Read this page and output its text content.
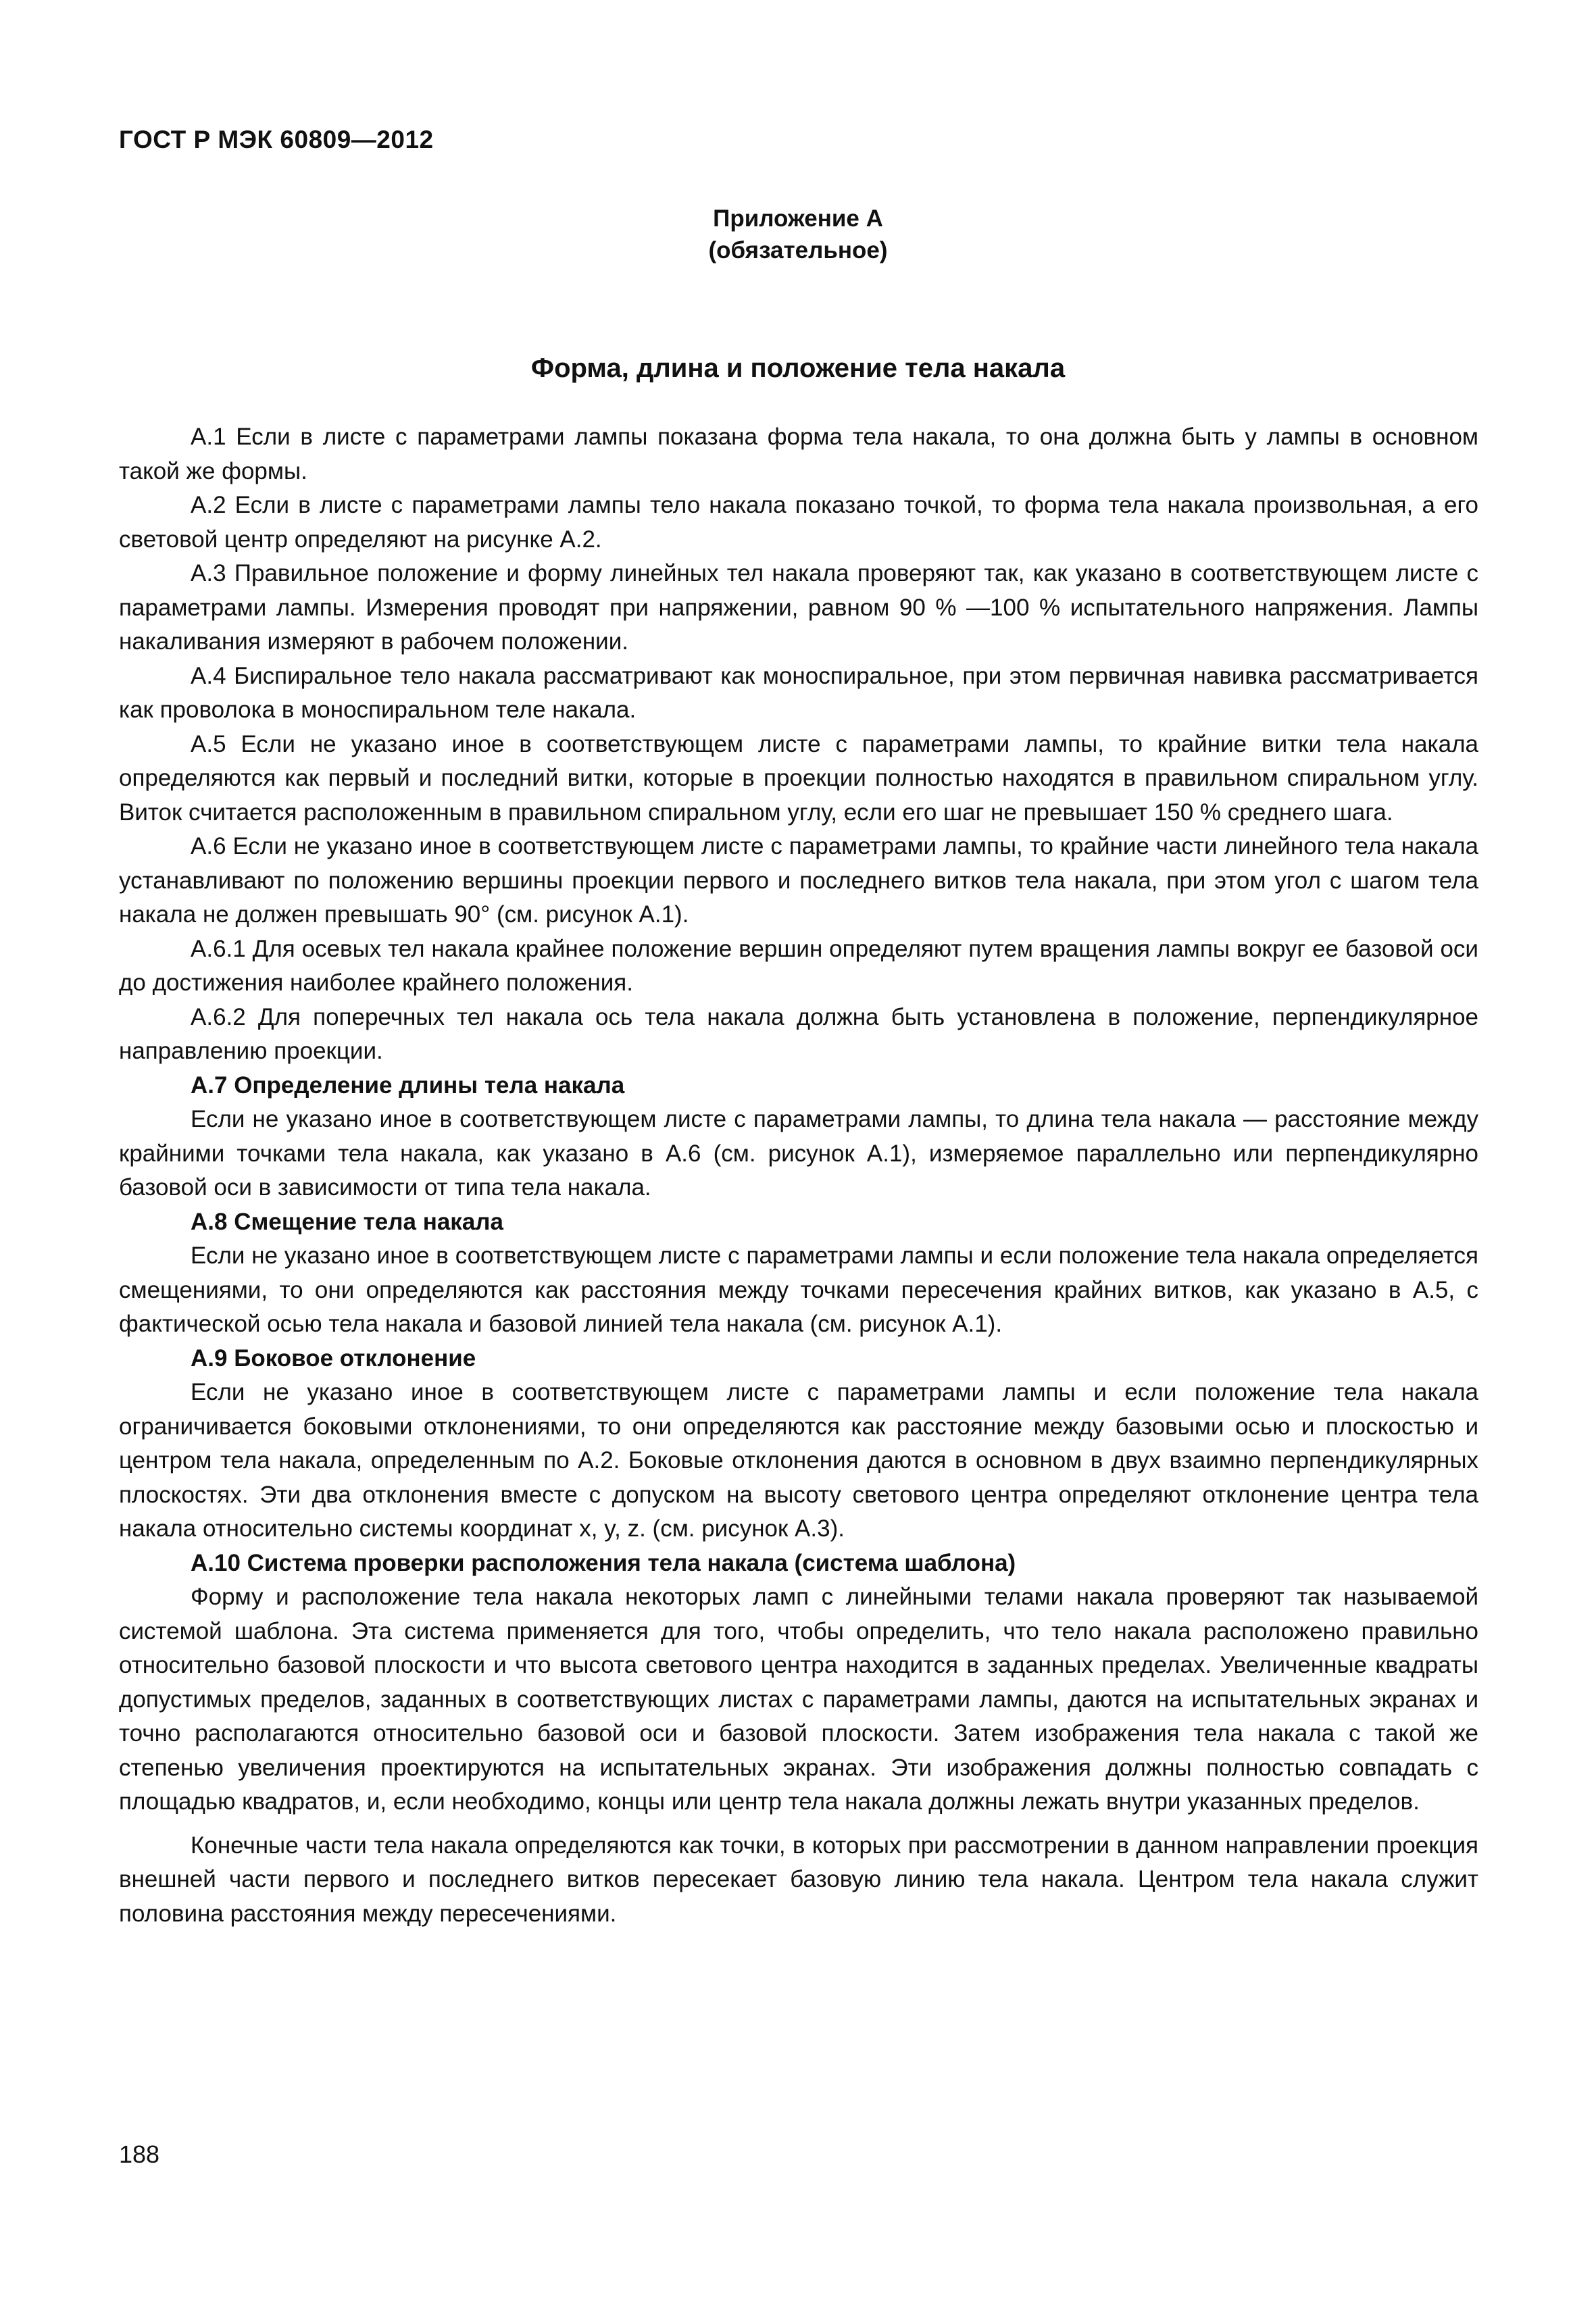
ГОСТ Р МЭК 60809—2012
Приложение А
(обязательное)
Форма, длина и положение тела накала

А.1 Если в листе с параметрами лампы показана форма тела накала, то она должна быть у лампы в основном такой же формы.

А.2 Если в листе с параметрами лампы тело накала показано точкой, то форма тела накала произвольная, а его световой центр определяют на рисунке А.2.

А.3 Правильное положение и форму линейных тел накала проверяют так, как указано в соответствующем листе с параметрами лампы. Измерения проводят при напряжении, равном 90 % —100 % испытательного напряжения. Лампы накаливания измеряют в рабочем положении.

А.4 Биспиральное тело накала рассматривают как моноспиральное, при этом первичная навивка рассматривается как проволока в моноспиральном теле накала.

А.5 Если не указано иное в соответствующем листе с параметрами лампы, то крайние витки тела накала определяются как первый и последний витки, которые в проекции полностью находятся в правильном спиральном углу. Виток считается расположенным в правильном спиральном углу, если его шаг не превышает 150 % среднего шага.

А.6 Если не указано иное в соответствующем листе с параметрами лампы, то крайние части линейного тела накала устанавливают по положению вершины проекции первого и последнего витков тела накала, при этом угол с шагом тела накала не должен превышать 90° (см. рисунок А.1).

А.6.1 Для осевых тел накала крайнее положение вершин определяют путем вращения лампы вокруг ее базовой оси до достижения наиболее крайнего положения.

А.6.2 Для поперечных тел накала ось тела накала должна быть установлена в положение, перпендикулярное направлению проекции.

А.7 Определение длины тела накала

Если не указано иное в соответствующем листе с параметрами лампы, то длина тела накала — расстояние между крайними точками тела накала, как указано в А.6 (см. рисунок А.1), измеряемое параллельно или перпендикулярно базовой оси в зависимости от типа тела накала.

А.8 Смещение тела накала

Если не указано иное в соответствующем листе с параметрами лампы и если положение тела накала определяется смещениями, то они определяются как расстояния между точками пересечения крайних витков, как указано в А.5, с фактической осью тела накала и базовой линией тела накала (см. рисунок А.1).

А.9 Боковое отклонение

Если не указано иное в соответствующем листе с параметрами лампы и если положение тела накала ограничивается боковыми отклонениями, то они определяются как расстояние между базовыми осью и плоскостью и центром тела накала, определенным по А.2. Боковые отклонения даются в основном в двух взаимно перпендикулярных плоскостях. Эти два отклонения вместе с допуском на высоту светового центра определяют отклонение центра тела накала относительно системы координат x, y, z. (см. рисунок А.3).

А.10 Система проверки расположения тела накала (система шаблона)

Форму и расположение тела накала некоторых ламп с линейными телами накала проверяют так называемой системой шаблона. Эта система применяется для того, чтобы определить, что тело накала расположено правильно относительно базовой плоскости и что высота светового центра находится в заданных пределах. Увеличенные квадраты допустимых пределов, заданных в соответствующих листах с параметрами лампы, даются на испытательных экранах и точно располагаются относительно базовой оси и базовой плоскости. Затем изображения тела накала с такой же степенью увеличения проектируются на испытательных экранах. Эти изображения должны полностью совпадать с площадью квадратов, и, если необходимо, концы или центр тела накала должны лежать внутри указанных пределов.

Конечные части тела накала определяются как точки, в которых при рассмотрении в данном направлении проекция внешней части первого и последнего витков пересекает базовую линию тела накала. Центром тела накала служит половина расстояния между пересечениями.

188
